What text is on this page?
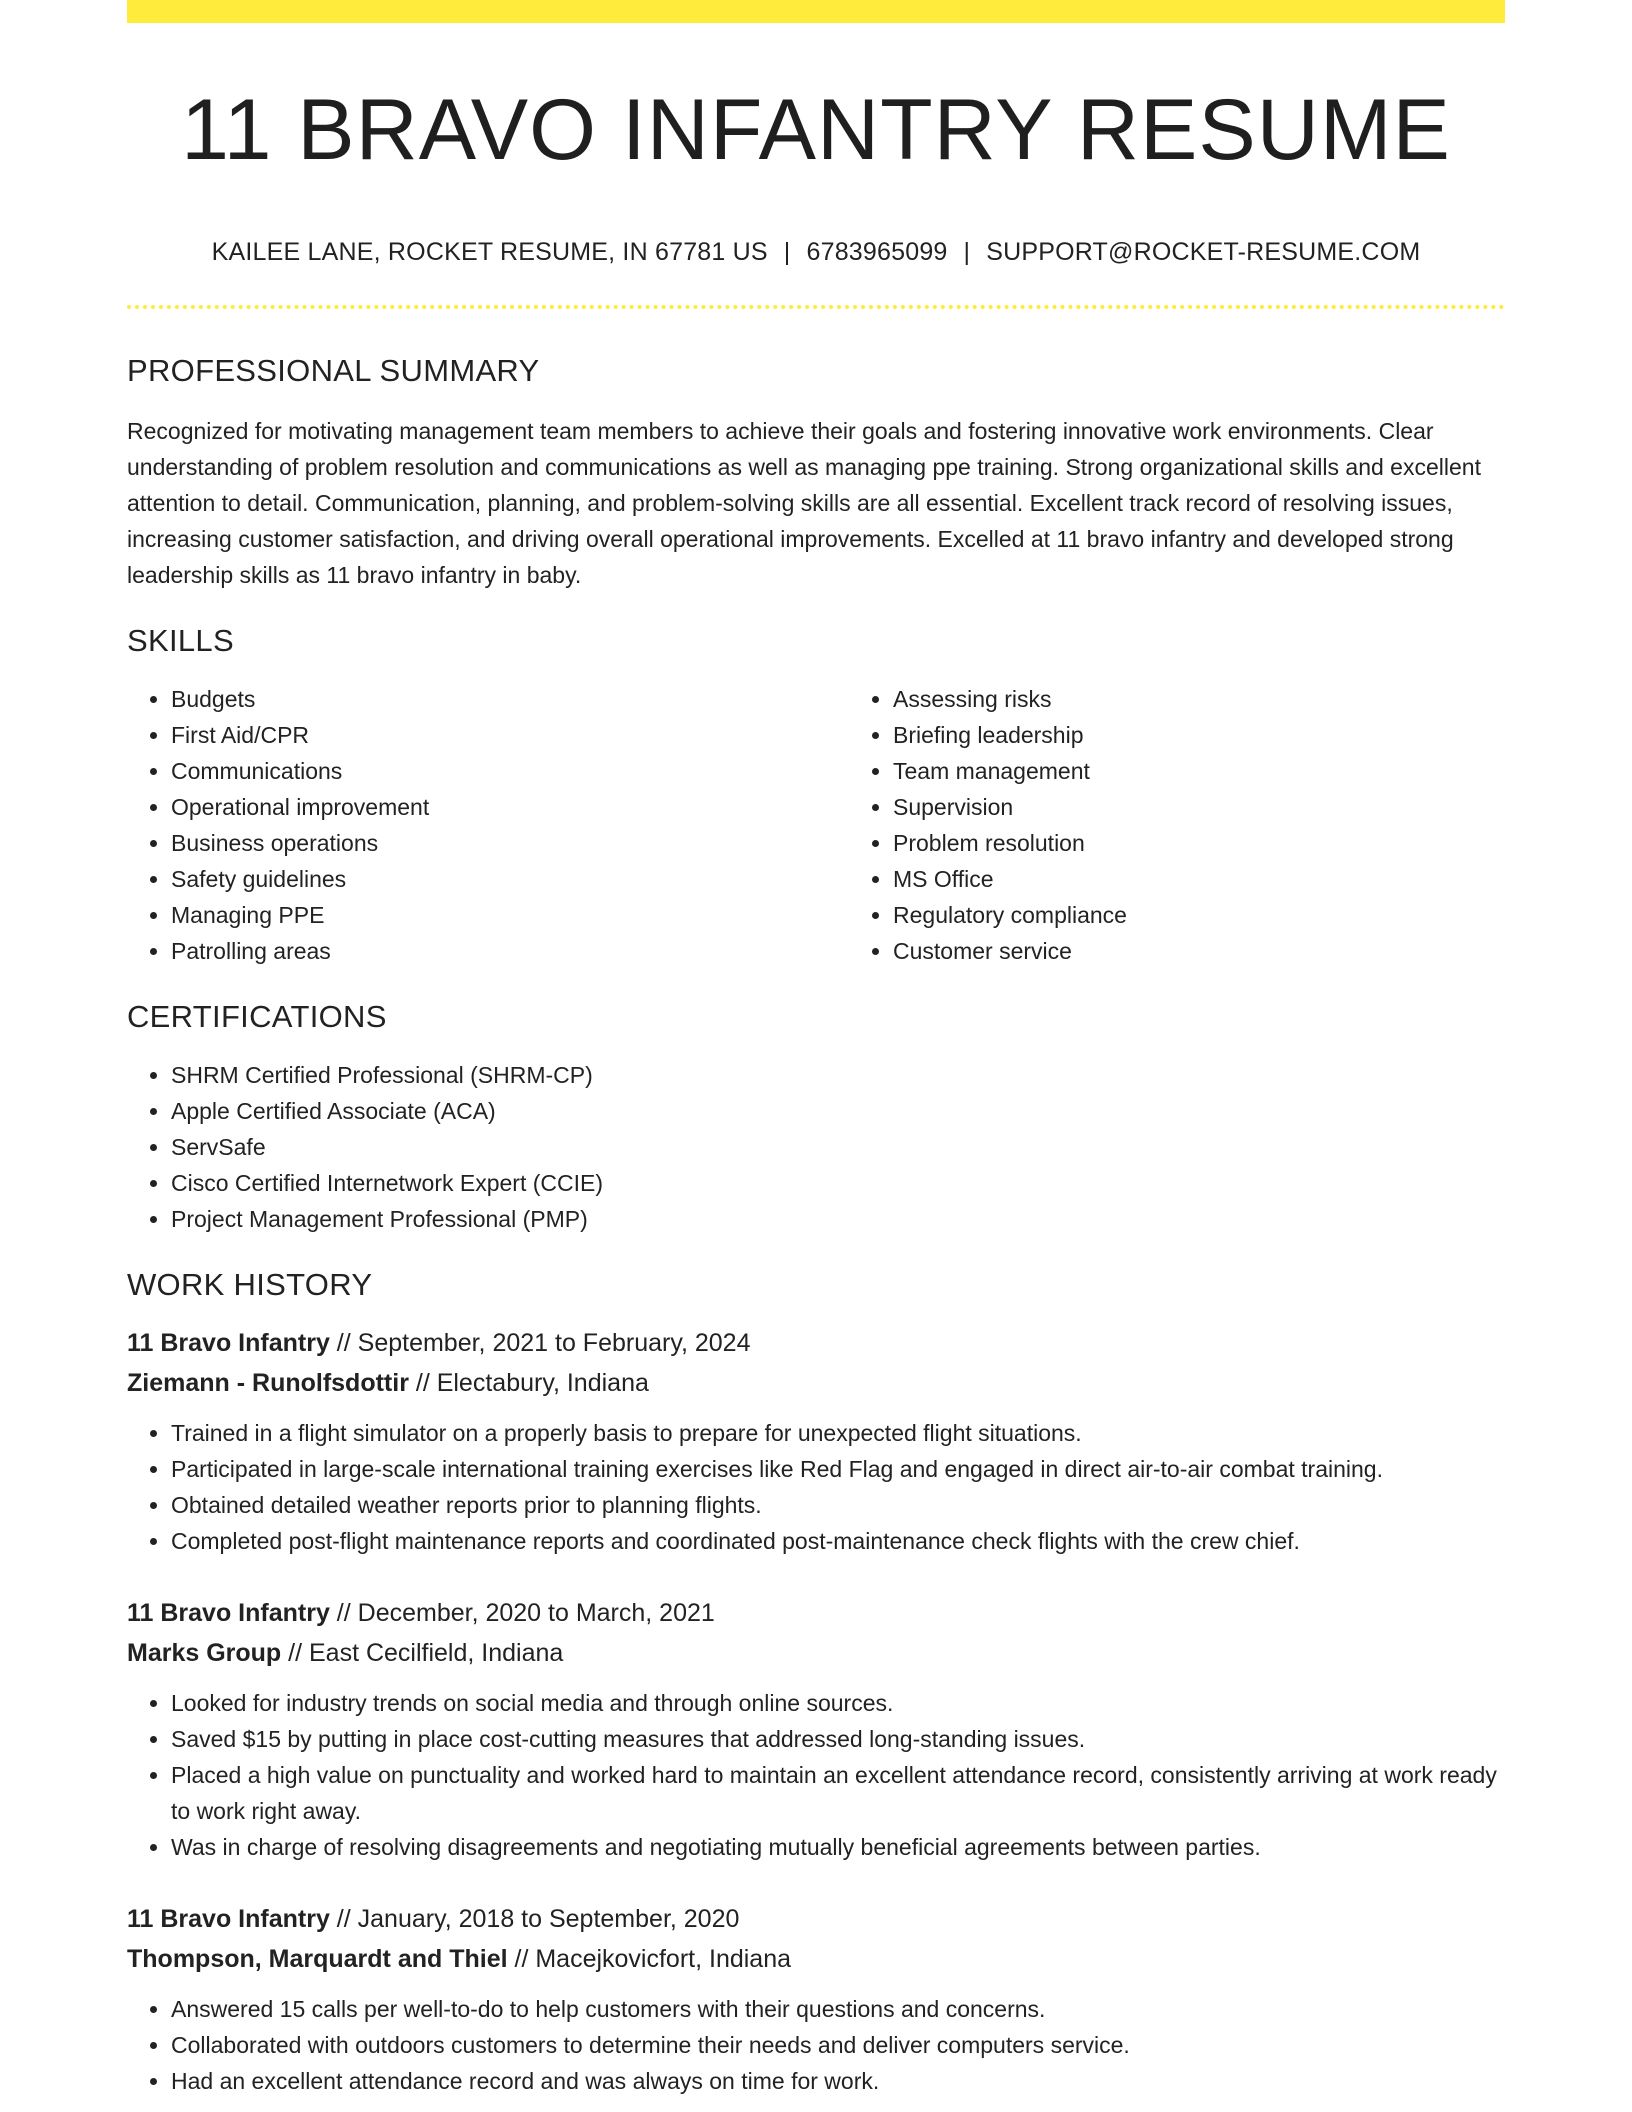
11 BRAVO INFANTRY RESUME
KAILEE LANE, ROCKET RESUME, IN 67781 US | 6783965099 | SUPPORT@ROCKET-RESUME.COM
PROFESSIONAL SUMMARY
Recognized for motivating management team members to achieve their goals and fostering innovative work environments. Clear understanding of problem resolution and communications as well as managing ppe training. Strong organizational skills and excellent attention to detail. Communication, planning, and problem-solving skills are all essential. Excellent track record of resolving issues, increasing customer satisfaction, and driving overall operational improvements. Excelled at 11 bravo infantry and developed strong leadership skills as 11 bravo infantry in baby.
SKILLS
• Budgets
• First Aid/CPR
• Communications
• Operational improvement
• Business operations
• Safety guidelines
• Managing PPE
• Patrolling areas
• Assessing risks
• Briefing leadership
• Team management
• Supervision
• Problem resolution
• MS Office
• Regulatory compliance
• Customer service
CERTIFICATIONS
• SHRM Certified Professional (SHRM-CP)
• Apple Certified Associate (ACA)
• ServSafe
• Cisco Certified Internetwork Expert (CCIE)
• Project Management Professional (PMP)
WORK HISTORY
11 Bravo Infantry // September, 2021 to February, 2024
Ziemann - Runolfsdottir // Electabury, Indiana
• Trained in a flight simulator on a properly basis to prepare for unexpected flight situations.
• Participated in large-scale international training exercises like Red Flag and engaged in direct air-to-air combat training.
• Obtained detailed weather reports prior to planning flights.
• Completed post-flight maintenance reports and coordinated post-maintenance check flights with the crew chief.
11 Bravo Infantry // December, 2020 to March, 2021
Marks Group // East Cecilfield, Indiana
• Looked for industry trends on social media and through online sources.
• Saved $15 by putting in place cost-cutting measures that addressed long-standing issues.
• Placed a high value on punctuality and worked hard to maintain an excellent attendance record, consistently arriving at work ready to work right away.
• Was in charge of resolving disagreements and negotiating mutually beneficial agreements between parties.
11 Bravo Infantry // January, 2018 to September, 2020
Thompson, Marquardt and Thiel // Macejkovicfort, Indiana
• Answered 15 calls per well-to-do to help customers with their questions and concerns.
• Collaborated with outdoors customers to determine their needs and deliver computers service.
• Had an excellent attendance record and was always on time for work.
